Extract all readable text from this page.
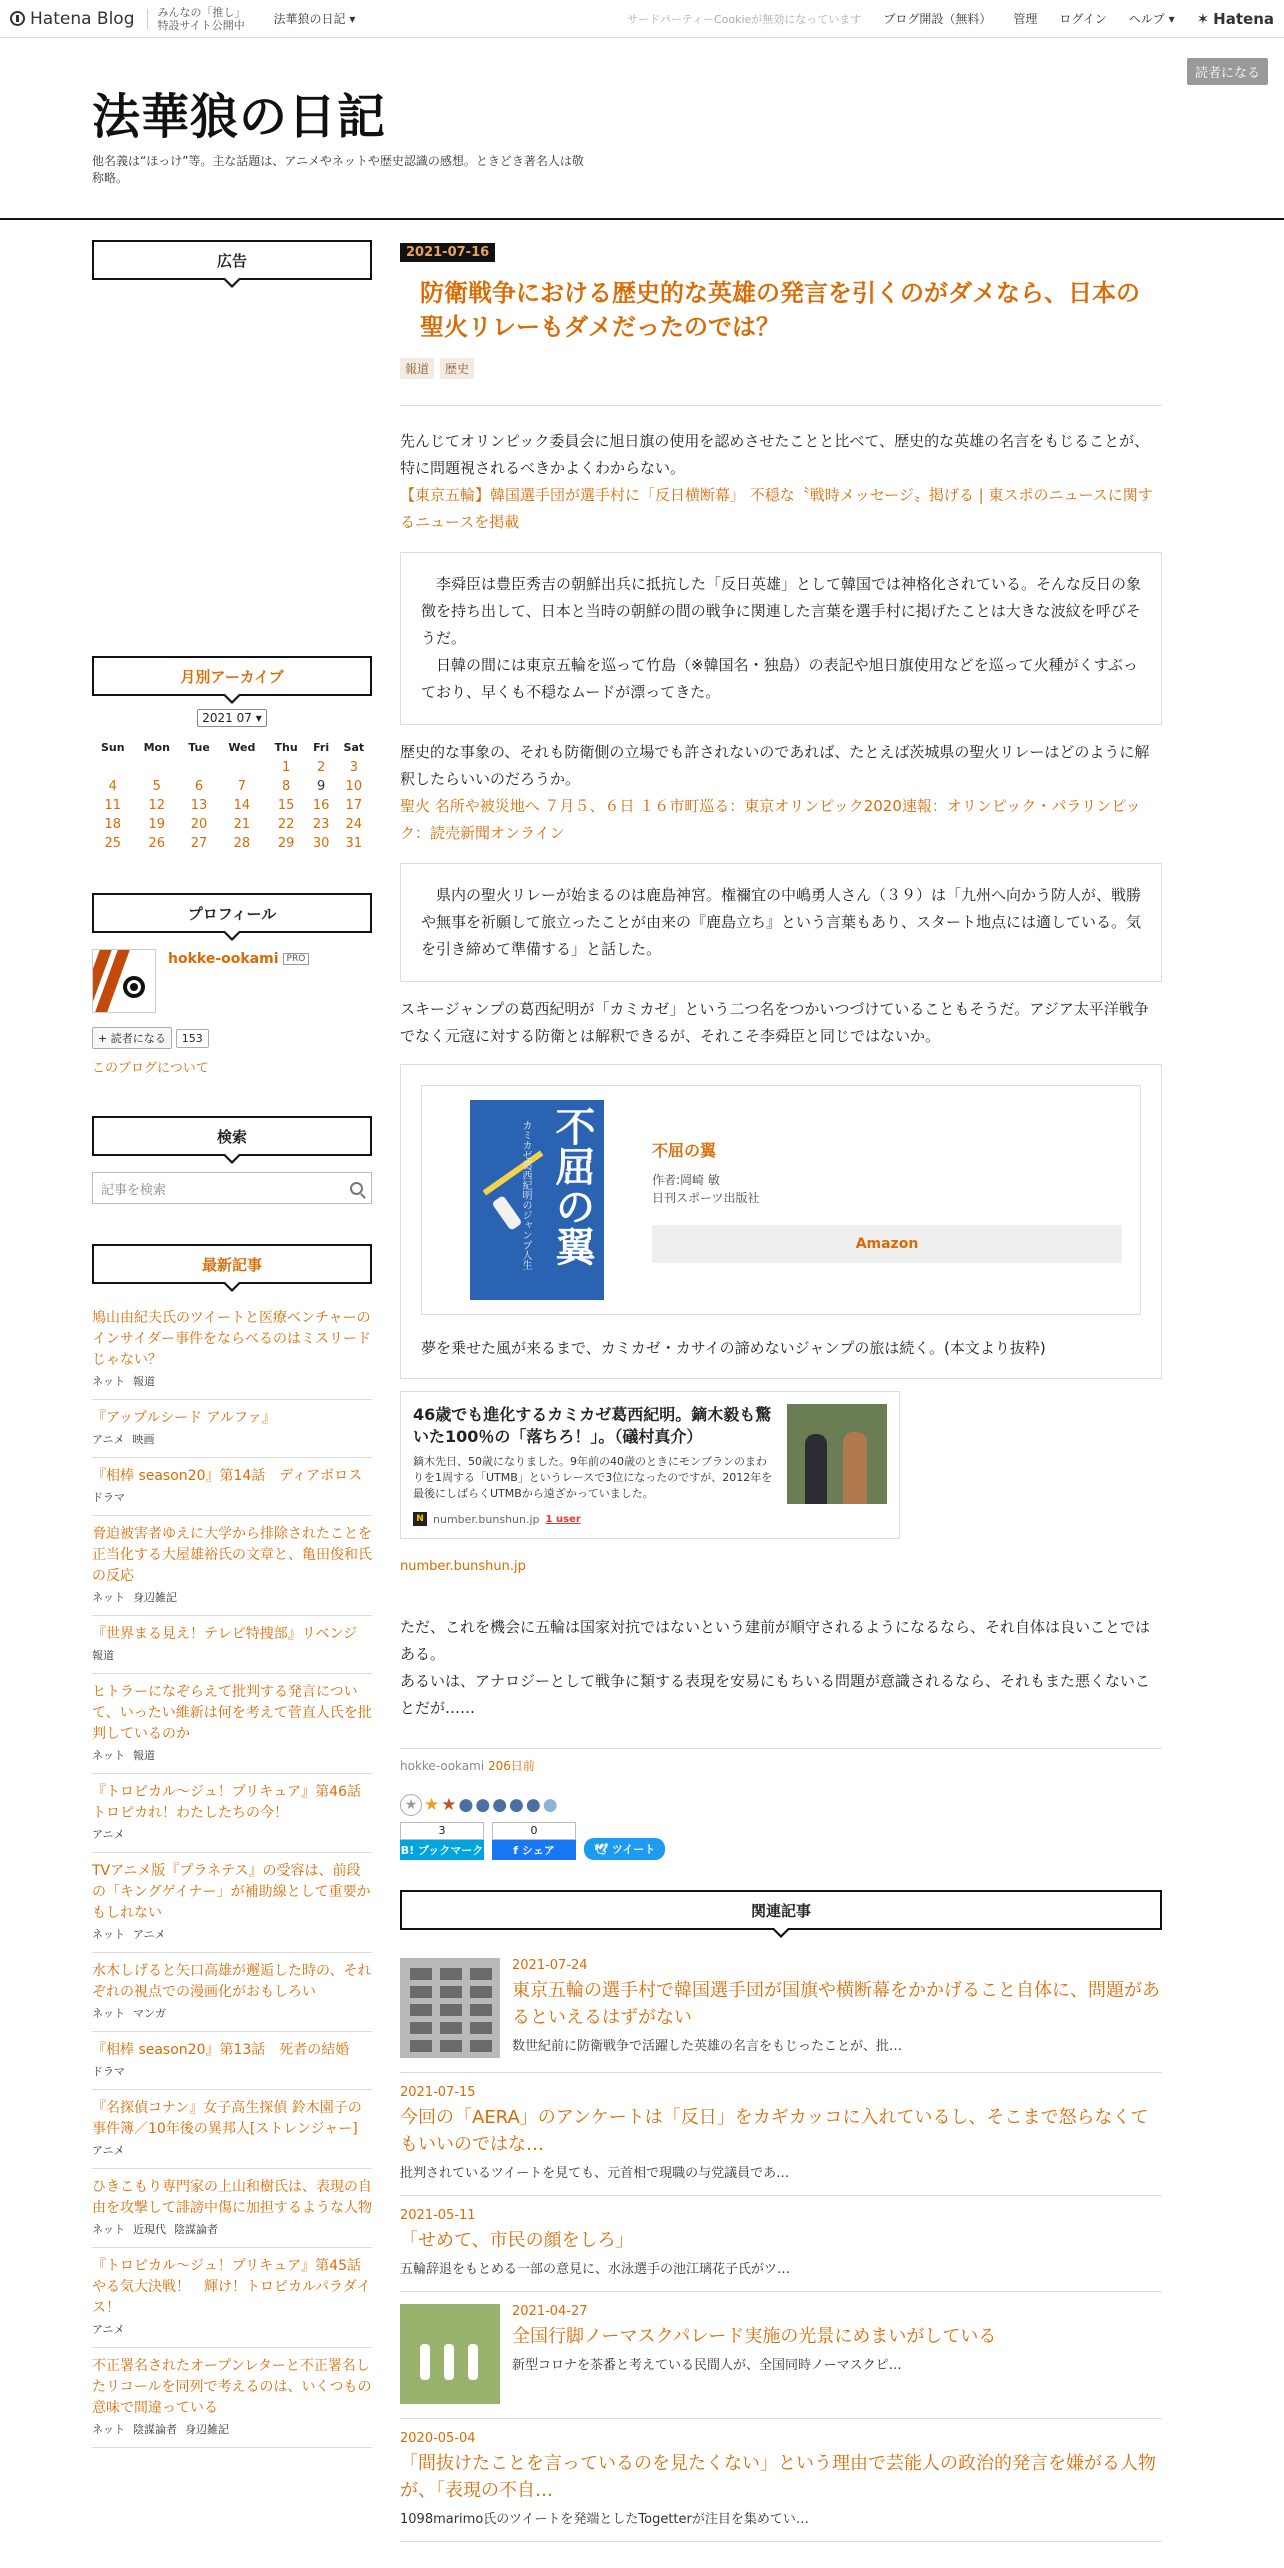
Hatena Blog みんなの「推し」
特設サイト公開中 法華狼の日記 ▾	サードパーティーCookieが無効になっています ブログ開設（無料） 管理 ログイン ヘルプ ▾ ✶ Hatena
法華狼の日記
他名義は“ほっけ”等。主な話題は、アニメやネットや歴史認識の感想。ときどき著名人は敬称略。
読者になる
広告
月別アーカイブ
2021 07 ▾
Sun	Mon	Tue	Wed	Thu	Fri	Sat
				1	2	3
4	5	6	7	8	9	10
11	12	13	14	15	16	17
18	19	20	21	22	23	24
25	26	27	28	29	30	31
プロフィール
hokke-ookami PRO
+ 読者になる	153
このブログについて
検索
記事を検索
最新記事
鳩山由紀夫氏のツイートと医療ベンチャーのインサイダー事件をならべるのはミスリードじゃない？
ネット 報道
『アップルシード アルファ』
アニメ 映画
『相棒 season20』第14話　ディアボロス
ドラマ
脅迫被害者ゆえに大学から排除されたことを正当化する大屋雄裕氏の文章と、亀田俊和氏の反応
ネット 身辺雑記
『世界まる見え！テレビ特捜部』リベンジ
報道
ヒトラーになぞらえて批判する発言について、いったい維新は何を考えて菅直人氏を批判しているのか
ネット 報道
『トロピカル～ジュ！プリキュア』第46話　トロピカれ！わたしたちの今！
アニメ
TVアニメ版『プラネテス』の受容は、前段の「キングゲイナー」が補助線として重要かもしれない
ネット アニメ
水木しげると矢口高雄が邂逅した時の、それぞれの視点での漫画化がおもしろい
ネット マンガ
『相棒 season20』第13話　死者の結婚
ドラマ
『名探偵コナン』女子高生探偵 鈴木園子の事件簿／10年後の異邦人[ストレンジャー]
アニメ
ひきこもり専門家の上山和樹氏は、表現の自由を攻撃して誹謗中傷に加担するような人物
ネット 近現代 陰謀論者
『トロピカル～ジュ！プリキュア』第45話　やる気大決戦！　輝け！トロピカルパラダイス！
アニメ
不正署名されたオープンレターと不正署名したリコールを同列で考えるのは、いくつもの意味で間違っている
ネット 陰謀論者 身辺雑記
2021-07-16
防衛戦争における歴史的な英雄の発言を引くのがダメなら、日本の聖火リレーもダメだったのでは？
報道	歴史

先んじてオリンピック委員会に旭日旗の使用を認めさせたことと比べて、歴史的な英雄の名言をもじることが、特に問題視されるべきかよくわからない。

【東京五輪】韓国選手団が選手村に「反日横断幕」 不穏な〝戦時メッセージ〟掲げる | 東スポのニュースに関するニュースを掲載

李舜臣は豊臣秀吉の朝鮮出兵に抵抗した「反日英雄」として韓国では神格化されている。そんな反日の象徴を持ち出して、日本と当時の朝鮮の間の戦争に関連した言葉を選手村に掲げたことは大きな波紋を呼びそうだ。

日韓の間には東京五輪を巡って竹島（※韓国名・独島）の表記や旭日旗使用などを巡って火種がくすぶっており、早くも不穏なムードが漂ってきた。

歴史的な事象の、それも防衛側の立場でも許されないのであれば、たとえば茨城県の聖火リレーはどのように解釈したらいいのだろうか。

聖火 名所や被災地へ ７月５、６日 １６市町巡る：東京オリンピック2020速報：オリンピック・パラリンピック：読売新聞オンライン

県内の聖火リレーが始まるのは鹿島神宮。権禰宜の中嶋勇人さん（３９）は「九州へ向かう防人が、戦勝や無事を祈願して旅立ったことが由来の『鹿島立ち』という言葉もあり、スタート地点には適している。気を引き締めて準備する」と話した。

スキージャンプの葛西紀明が「カミカゼ」という二つ名をつかいつづけていることもそうだ。アジア太平洋戦争でなく元寇に対する防衛とは解釈できるが、それこそ李舜臣と同じではないか。

カミカゼ葛西紀明のジャンプ人生 不屈の翼	不屈の翼
作者:岡崎 敏
日刊スポーツ出版社
Amazon
夢を乗せた風が来るまで、カミカゼ・カサイの諦めないジャンプの旅は続く。(本文より抜粋)
46歳でも進化するカミカゼ葛西紀明。鏑木毅も驚いた100％の「落ちろ！」。（礒村真介）
鏑木先日、50歳になりました。9年前の40歳のときにモンブランのまわりを1周する「UTMB」というレースで3位になったのですが、2012年を最後にしばらくUTMBから遠ざかっていました。
N number.bunshun.jp 1 user
number.bunshun.jp

ただ、これを機会に五輪は国家対抗ではないという建前が順守されるようになるなら、それ自体は良いことではある。

あるいは、アナロジーとして戦争に類する表現を安易にもちいる問題が意識されるなら、それもまた悪くないことだが……

hokke-ookami 206日前
★ ★ ★ ● ● ● ● ● ●
3
B! ブックマーク
0
f シェア	🕊 ツイート
関連記事
2021-07-24
東京五輪の選手村で韓国選手団が国旗や横断幕をかかげること自体に、問題があるといえるはずがない
数世紀前に防衛戦争で活躍した英雄の名言をもじったことが、批…
2021-07-15
今回の「AERA」のアンケートは「反日」をカギカッコに入れているし、そこまで怒らなくてもいいのではな…
批判されているツイートを見ても、元首相で現職の与党議員であ…
2021-05-11
「せめて、市民の顔をしろ」
五輪辞退をもとめる一部の意見に、水泳選手の池江璃花子氏がツ…
2021-04-27
全国行脚ノーマスクパレード実施の光景にめまいがしている
新型コロナを茶番と考えている民間人が、全国同時ノーマスクピ…
2020-05-04
「間抜けたことを言っているのを見たくない」という理由で芸能人の政治的発言を嫌がる人物が、「表現の不自…
1098marimo氏のツイートを発端としたTogetterが注目を集めてい…
